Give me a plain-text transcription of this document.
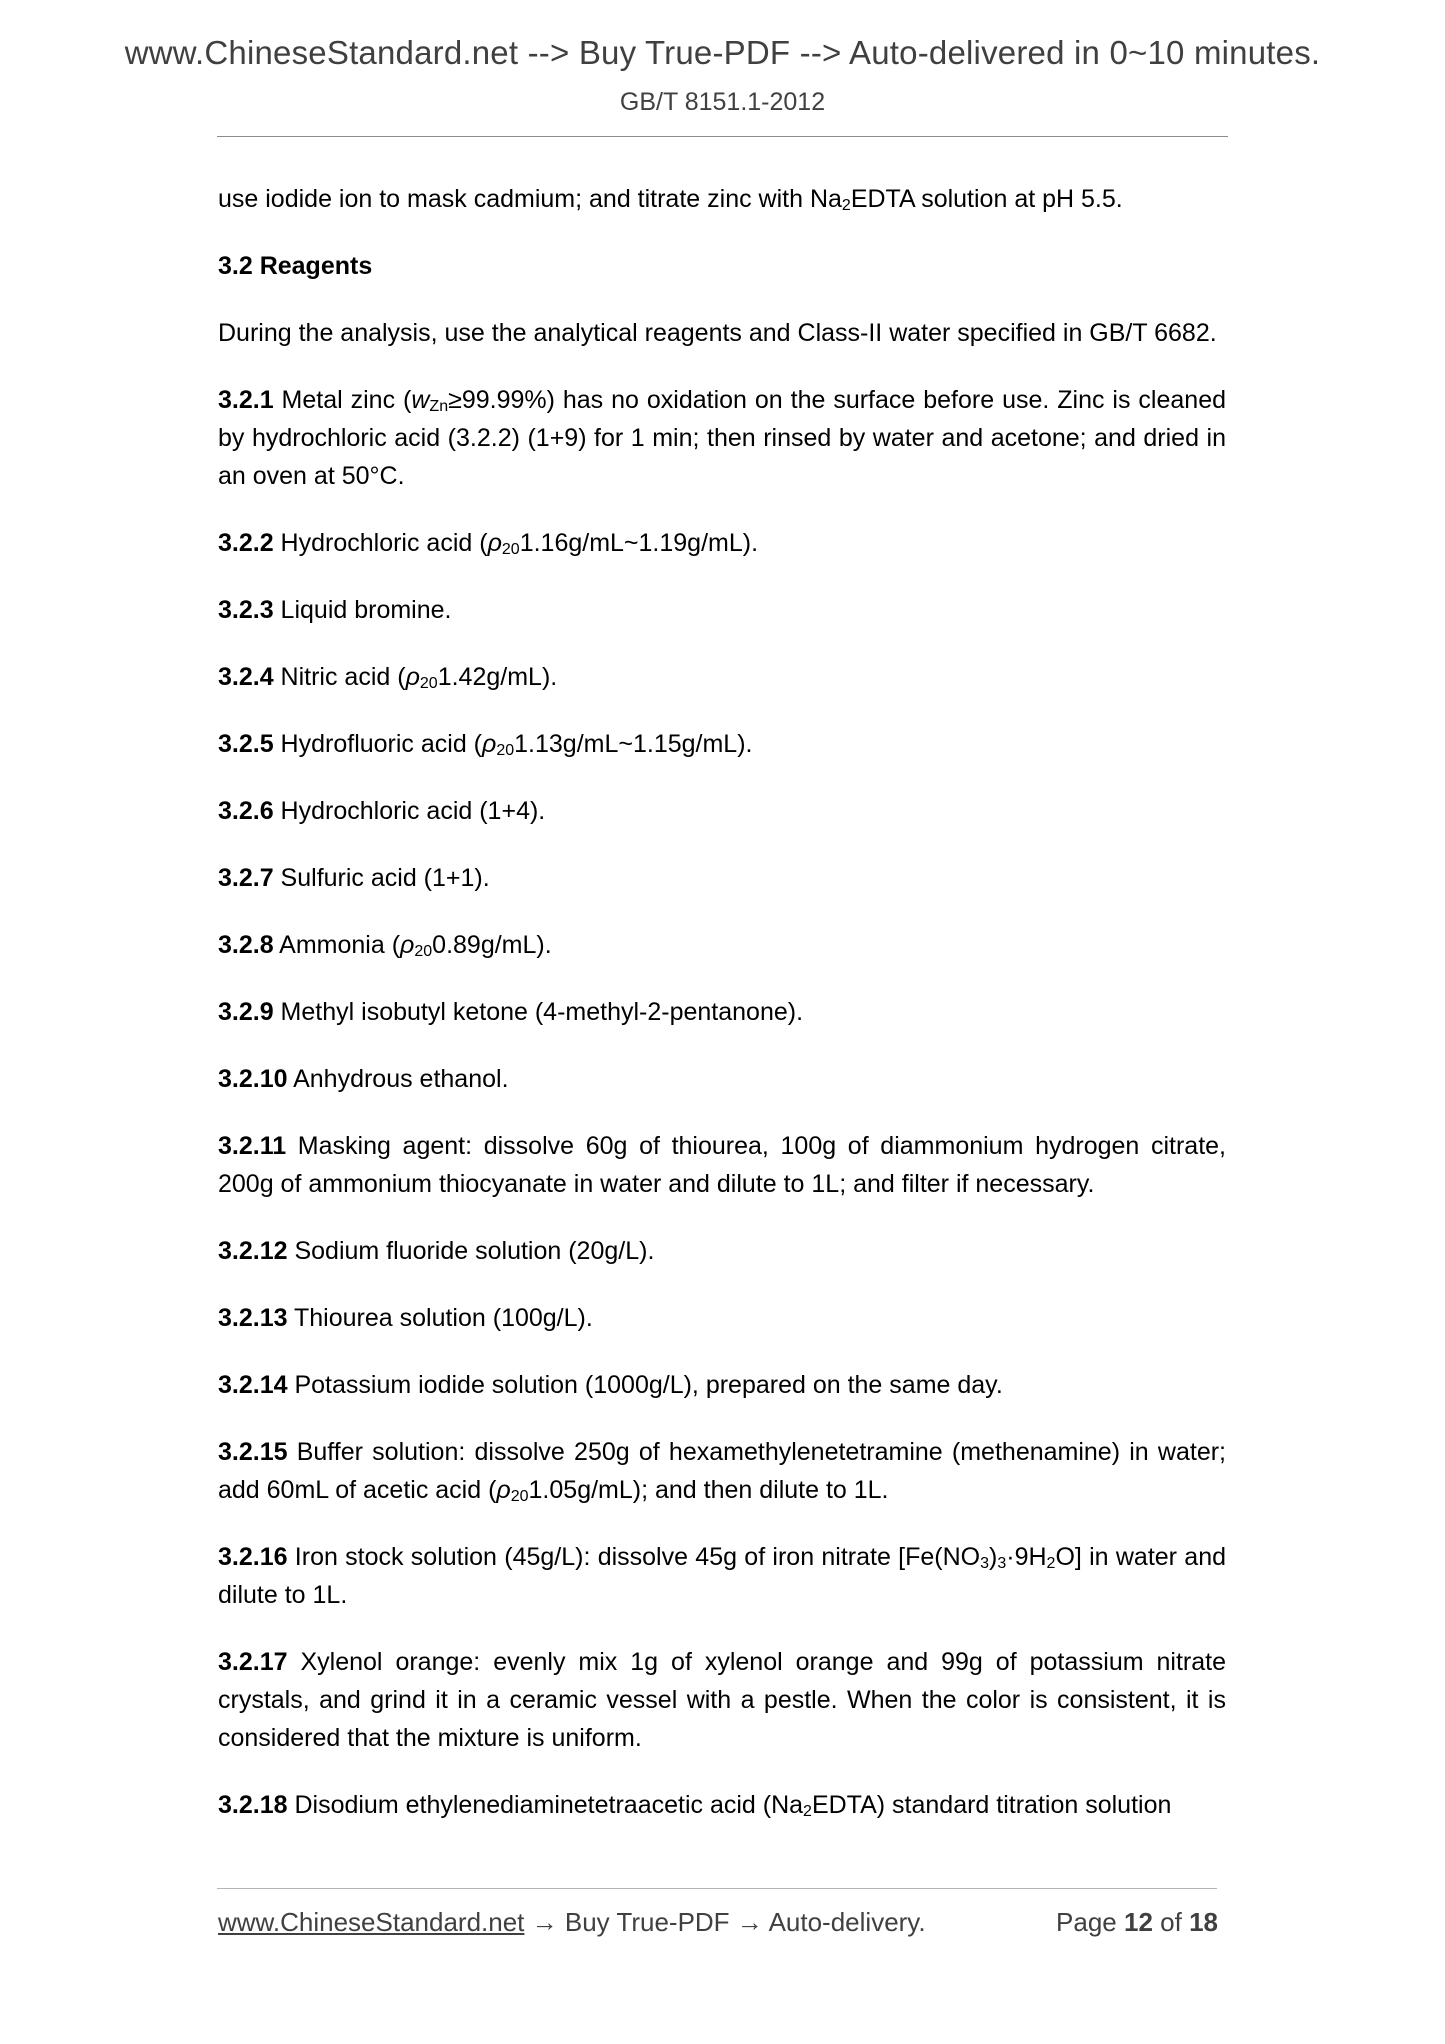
www.ChineseStandard.net --> Buy True-PDF --> Auto-delivered in 0~10 minutes.
GB/T 8151.1-2012

use iodide ion to mask cadmium; and titrate zinc with $Na_2EDTA$ solution at pH 5.5.

3.2 Reagents

During the analysis, use the analytical reagents and Class-II water specified in GB/T 6682.

3.2.1 Metal zinc $(w_{Zn}\ge 99.99\%)$ has no oxidation on the surface before use. Zinc is cleaned by hydrochloric acid (3.2.2) (1+9) for 1 min; then rinsed by water and acetone; and dried in an oven at 50°C.

3.2.2 Hydrochloric acid $(\rho_{20}1.16g/mL\sim 1.19g/mL)$.

3.2.3 Liquid bromine.

3.2.4 Nitric acid $(\rho_{20}1.42g/mL)$.

3.2.5 Hydrofluoric acid $(\rho_{20}1.13g/mL\sim 1.15g/mL)$.

3.2.6 Hydrochloric acid (1+4).

3.2.7 Sulfuric acid (1+1).

3.2.8 Ammonia $(\rho_{20}0.89g/mL)$.

3.2.9 Methyl isobutyl ketone (4-methyl-2-pentanone).

3.2.10 Anhydrous ethanol.

3.2.11 Masking agent: dissolve 60g of thiourea, 100g of diammonium hydrogen citrate, 200g of ammonium thiocyanate in water and dilute to 1L; and filter if necessary.

3.2.12 Sodium fluoride solution (20g/L).

3.2.13 Thiourea solution (100g/L).

3.2.14 Potassium iodide solution (1000g/L), prepared on the same day.

3.2.15 Buffer solution: dissolve 250g of hexamethylenetetramine (methenamine) in water; add 60mL of acetic acid $(\rho_{20}1.05g/mL)$; and then dilute to 1L.

3.2.16 Iron stock solution (45g/L): dissolve 45g of iron nitrate $[Fe(NO_3)_3\cdot 9H_2O]$ in water and dilute to 1L.

3.2.17 Xylenol orange: evenly mix 1g of xylenol orange and 99g of potassium nitrate crystals, and grind it in a ceramic vessel with a pestle. When the color is consistent, it is considered that the mixture is uniform.

3.2.18 Disodium ethylenediaminetetraacetic acid $(Na_2EDTA)$ standard titration solution

www.ChineseStandard.net → Buy True-PDF → Auto-delivery.	Page 12 of 18
